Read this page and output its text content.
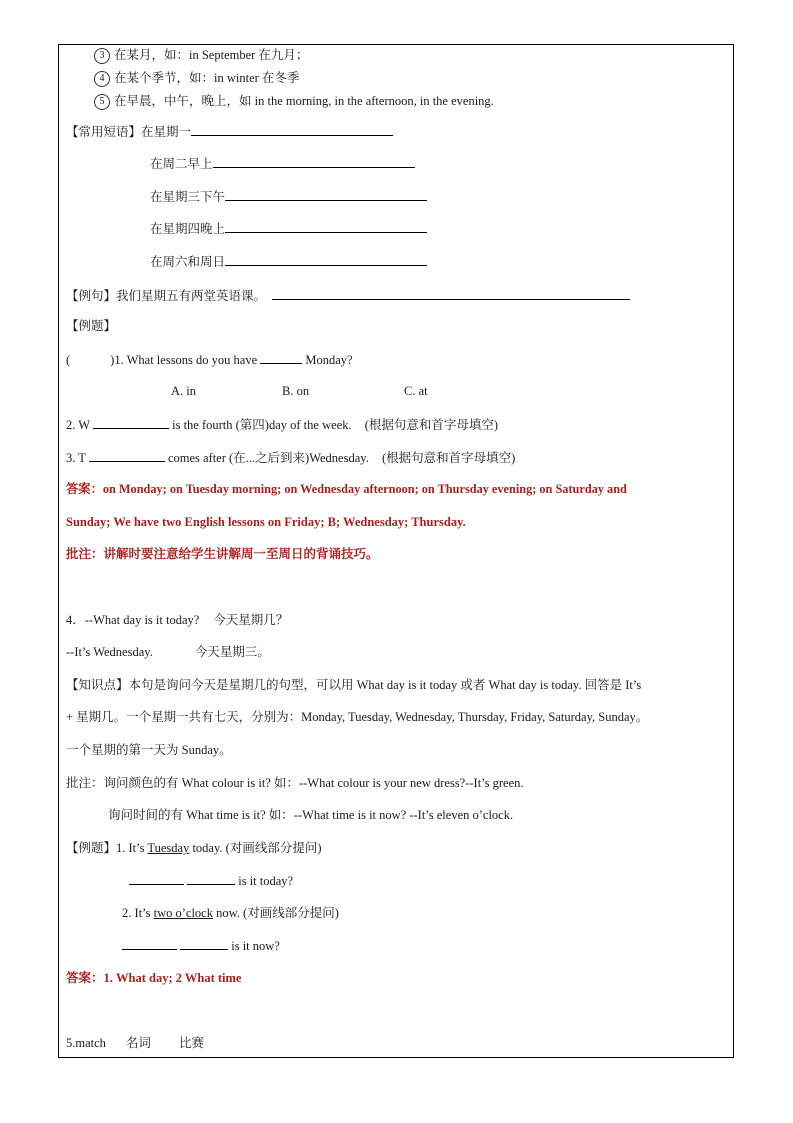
3 在某月，如：in September 在九月；
4 在某个季节，如：in winter 在冬季
5 在早晨，中午，晚上，如 in the morning, in the afternoon, in the evening.
【常用短语】在星期一
在周二早上
在星期三下午
在星期四晚上
在周六和周日
【例句】我们星期五有两堂英语课。
【例题】
(	)1. What lessons do you have	Monday?
A. in	B. on	C. at
2. W	is the fourth (第四)day of the week. (根据句意和首字母填空)
3. T	comes after (在...之后到来)Wednesday. (根据句意和首字母填空)
答案：on Monday; on Tuesday morning; on Wednesday afternoon; on Thursday evening; on Saturday and
Sunday; We have two English lessons on Friday; B; Wednesday; Thursday.
批注：讲解时要注意给学生讲解周一至周日的背诵技巧。
4．--What day is it today? 今天星期几？
--It’s Wednesday.	今天星期三。
【知识点】本句是询问今天是星期几的句型，可以用 What day is it today 或者 What day is today. 回答是 It’s
+ 星期几。一个星期一共有七天，分别为：Monday, Tuesday, Wednesday, Thursday, Friday, Saturday, Sunday。
一个星期的第一天为 Sunday。
批注：询问颜色的有 What colour is it? 如：--What colour is your new dress?--It’s green.
询问时间的有 What time is it? 如：--What time is it now? --It’s eleven o’clock.
【例题】1. It’s Tuesday today. (对画线部分提问)
is it today?
2. It’s two o’clock now. (对画线部分提问)
is it now?
答案：1. What day; 2 What time
5.match 名词 比赛
